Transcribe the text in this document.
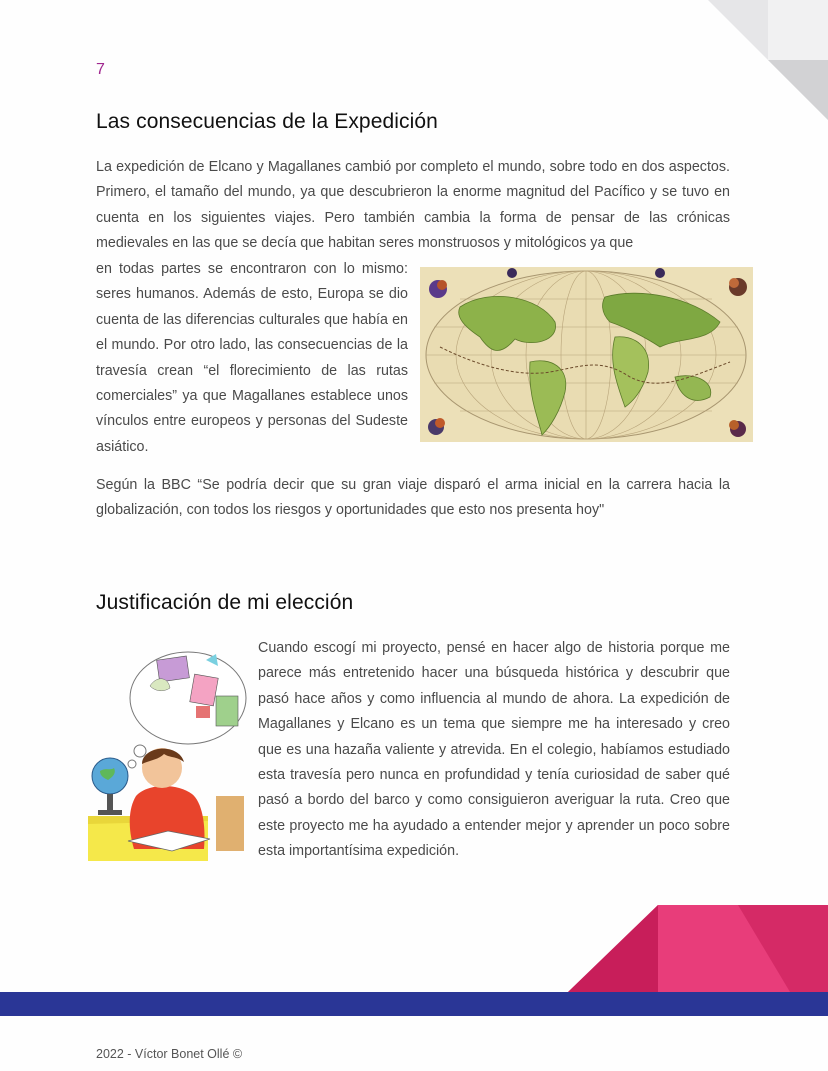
7
Las consecuencias de la Expedición

La expedición de Elcano y Magallanes cambió por completo el mundo, sobre todo en dos aspectos. Primero, el tamaño del mundo, ya que descubrieron la enorme magnitud del Pacífico y se tuvo en cuenta en los siguientes viajes. Pero también cambia la forma de pensar de las crónicas medievales en las que se decía que habitan seres monstruosos y mitológicos ya que

en todas partes se encontraron con lo mismo: seres humanos. Además de esto, Europa se dio cuenta de las diferencias culturales que había en el mundo. Por otro lado, las consecuencias de la travesía crean “el florecimiento de las rutas comerciales” ya que Magallanes establece unos vínculos entre europeos y personas del Sudeste asiático.

Según la BBC “Se podría decir que su gran viaje disparó el arma inicial en la carrera hacia la globalización, con todos los riesgos y oportunidades que esto nos presenta hoy"

Justificación de mi elección

Cuando escogí mi proyecto, pensé en hacer algo de historia porque me parece más entretenido hacer una búsqueda histórica y descubrir que pasó hace años y como influencia al mundo de ahora. La expedición de Magallanes y Elcano es un tema que siempre me ha interesado y creo que es una hazaña valiente y atrevida. En el colegio, habíamos estudiado esta travesía pero nunca en profundidad y tenía curiosidad de saber qué pasó a bordo del barco y como consiguieron averiguar la ruta. Creo que este proyecto me ha ayudado a entender mejor y aprender un poco sobre esta importantísima expedición.

2022 - Víctor Bonet Ollé ©
